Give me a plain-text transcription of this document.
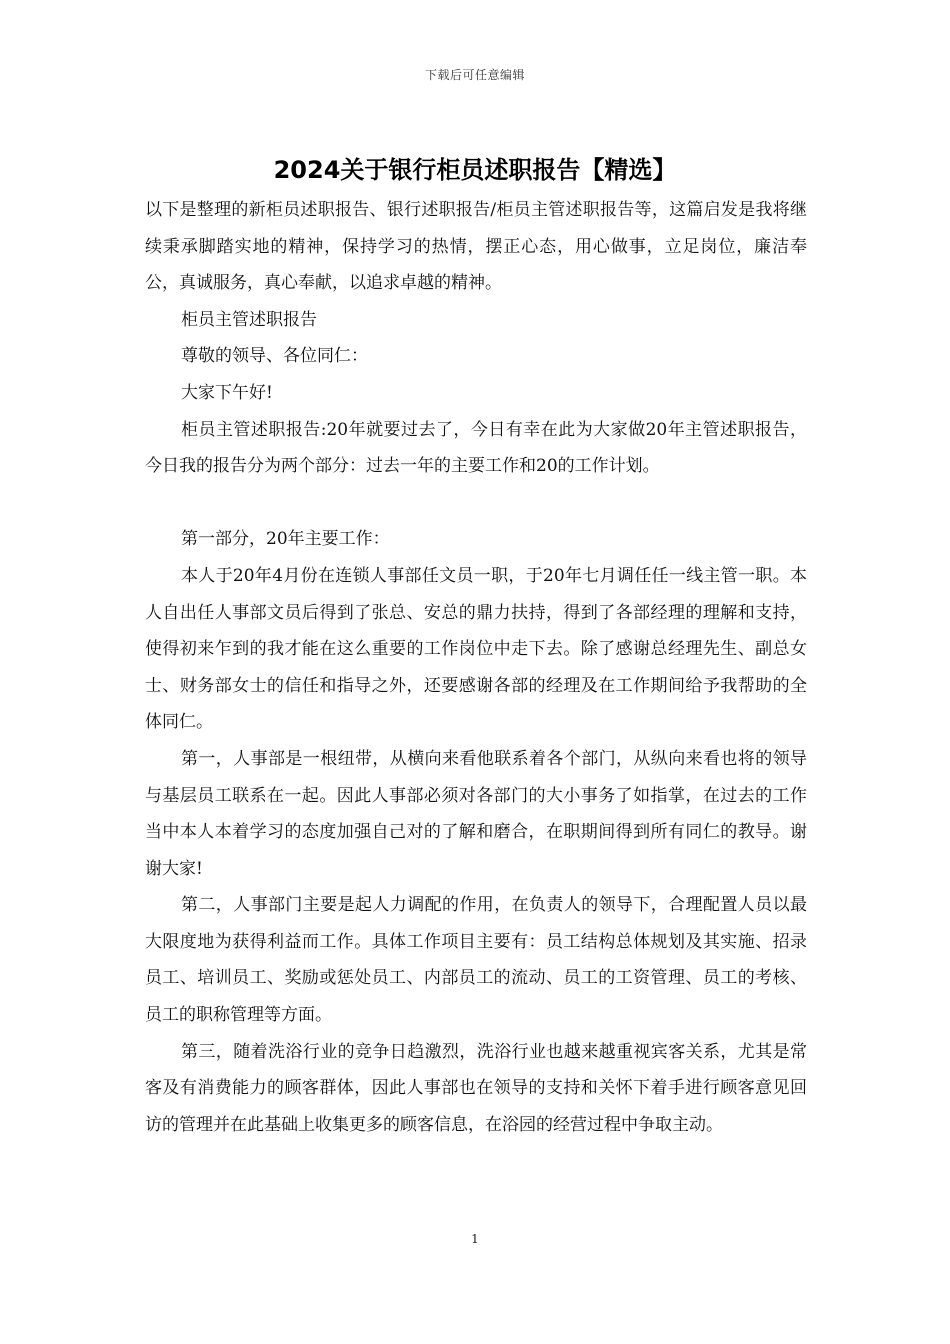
下载后可任意编辑
2024关于银行柜员述职报告【精选】

以下是整理的新柜员述职报告、银行述职报告/柜员主管述职报告等，这篇启发是我将继续秉承脚踏实地的精神，保持学习的热情，摆正心态，用心做事，立足岗位，廉洁奉公，真诚服务，真心奉献，以追求卓越的精神。

柜员主管述职报告

尊敬的领导、各位同仁：

大家下午好!

柜员主管述职报告:20年就要过去了，今日有幸在此为大家做20年主管述职报告，今日我的报告分为两个部分：过去一年的主要工作和20的工作计划。

第一部分，20年主要工作：

本人于20年4月份在连锁人事部任文员一职，于20年七月调任任一线主管一职。本人自出任人事部文员后得到了张总、安总的鼎力扶持，得到了各部经理的理解和支持，使得初来乍到的我才能在这么重要的工作岗位中走下去。除了感谢总经理先生、副总女士、财务部女士的信任和指导之外，还要感谢各部的经理及在工作期间给予我帮助的全体同仁。

第一，人事部是一根纽带，从横向来看他联系着各个部门，从纵向来看也将的领导与基层员工联系在一起。因此人事部必须对各部门的大小事务了如指掌，在过去的工作当中本人本着学习的态度加强自己对的了解和磨合，在职期间得到所有同仁的教导。谢谢大家!

第二，人事部门主要是起人力调配的作用，在负责人的领导下，合理配置人员以最大限度地为获得利益而工作。具体工作项目主要有：员工结构总体规划及其实施、招录员工、培训员工、奖励或惩处员工、内部员工的流动、员工的工资管理、员工的考核、员工的职称管理等方面。

第三，随着洗浴行业的竞争日趋激烈，洗浴行业也越来越重视宾客关系，尤其是常客及有消费能力的顾客群体，因此人事部也在领导的支持和关怀下着手进行顾客意见回访的管理并在此基础上收集更多的顾客信息，在浴园的经营过程中争取主动。

1
